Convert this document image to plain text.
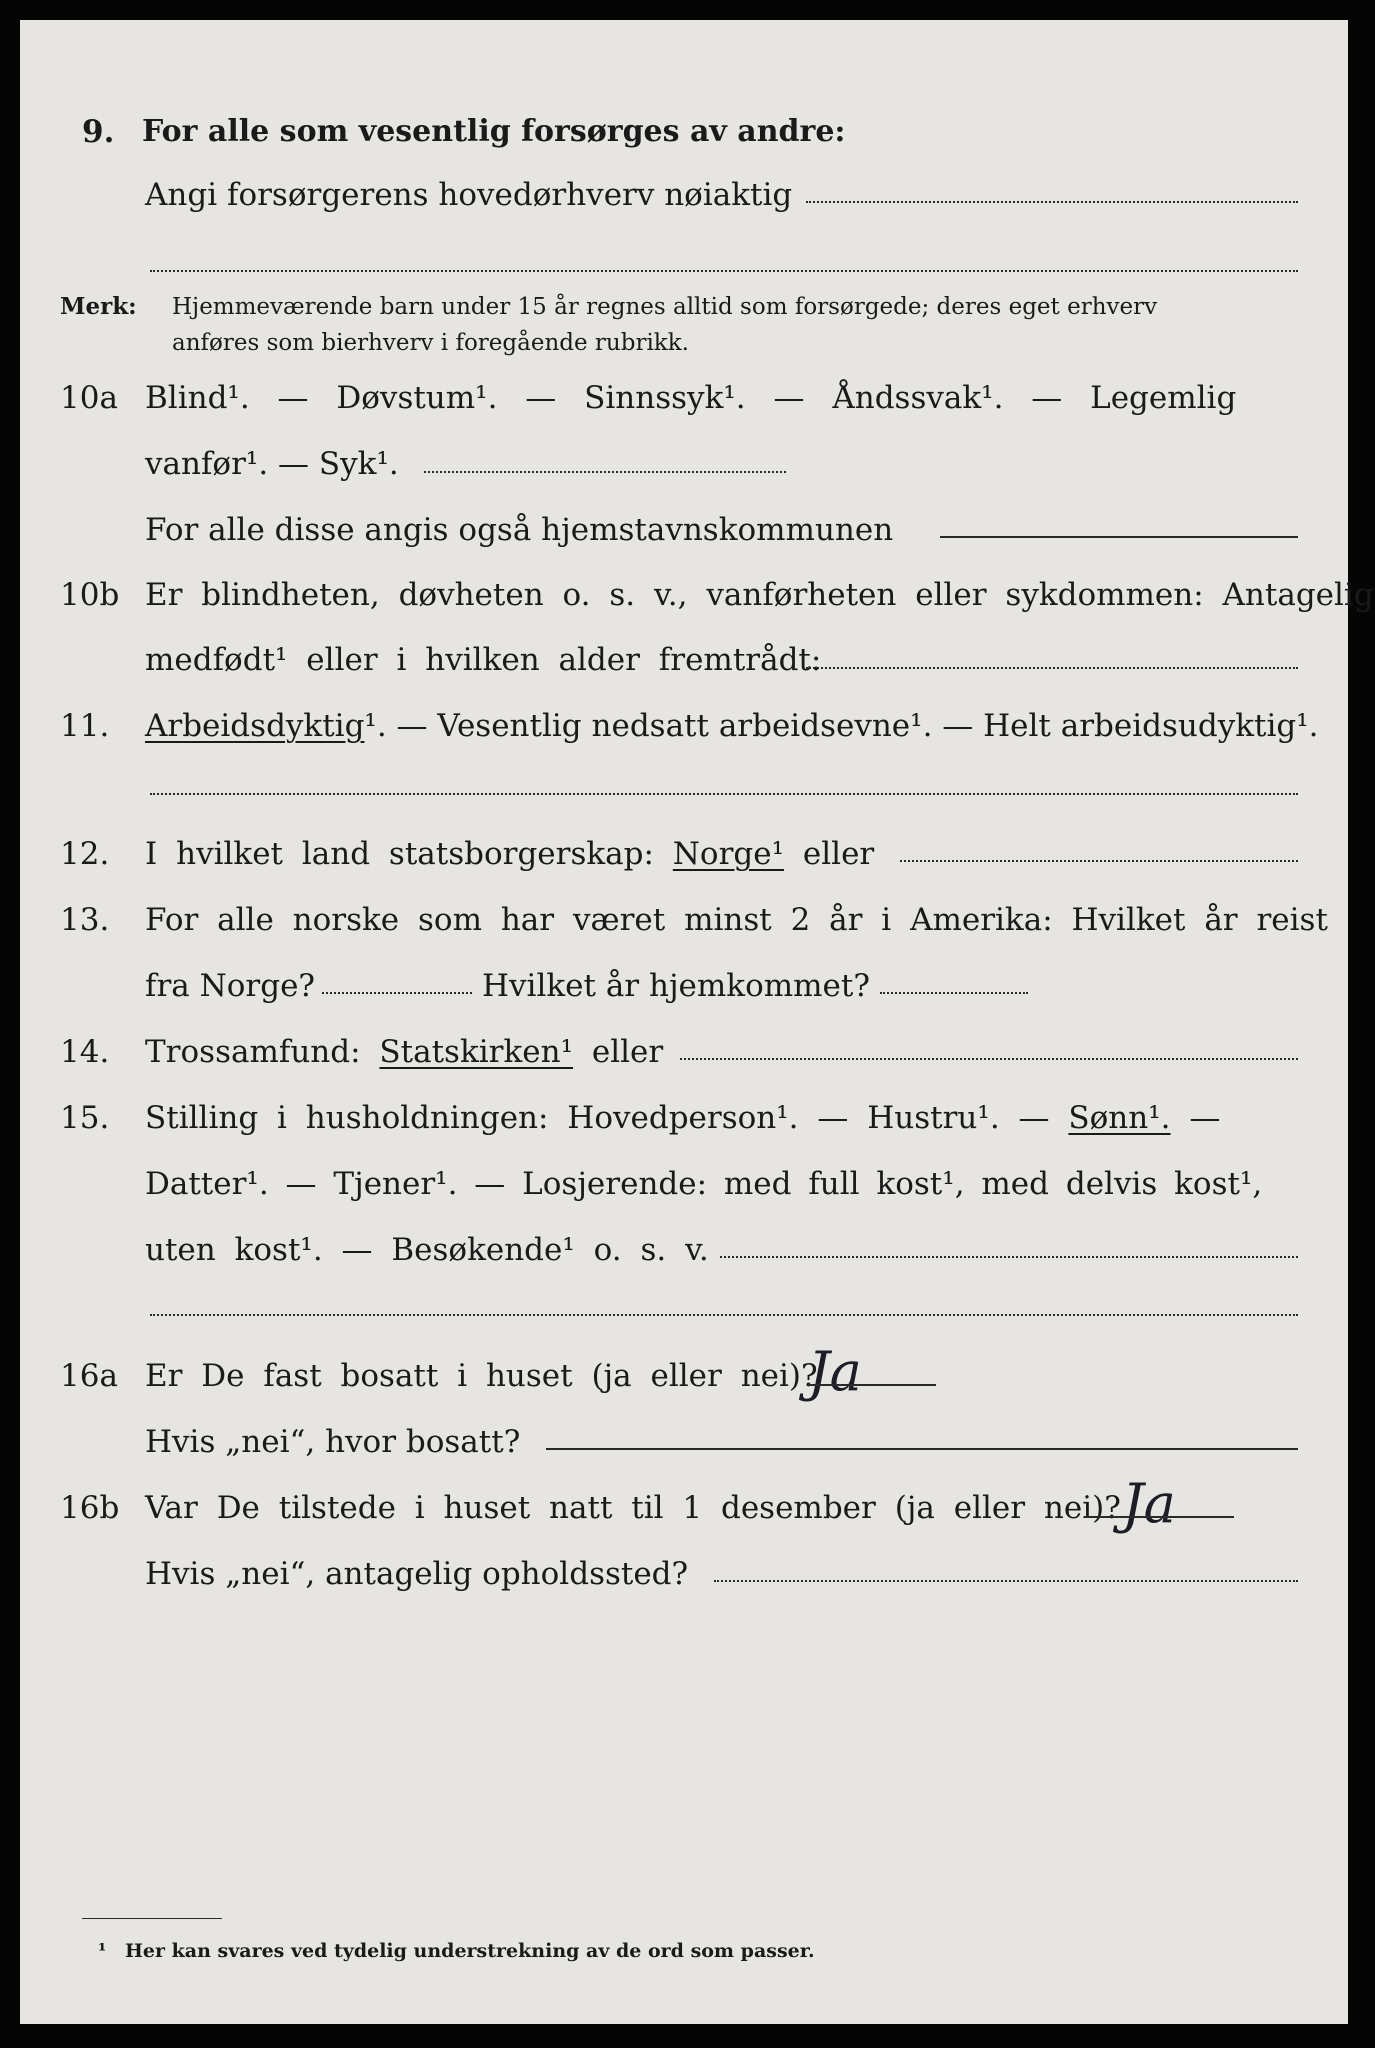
9. For alle som vesentlig forsørges av andre:
Angi forsørgerens hovedørhverv nøiaktig
Merk: Hjemmeværende barn under 15 år regnes alltid som forsørgede; deres eget erhverv
anføres som bierhverv i foregående rubrikk.
10a Blind¹. — Døvstum¹. — Sinnssyk¹. — Åndssvak¹. — Legemlig
vanfør¹. — Syk¹.
For alle disse angis også hjemstavnskommunen
10b Er blindheten, døvheten o. s. v., vanførheten eller sykdommen: Antagelig
medfødt¹ eller i hvilken alder fremtrådt:
11. Arbeidsdyktig¹. — Vesentlig nedsatt arbeidsevne¹. — Helt arbeidsudyktig¹.
12. I hvilket land statsborgerskap: Norge¹ eller
13. For alle norske som har været minst 2 år i Amerika: Hvilket år reist
fra Norge?	Hvilket år hjemkommet?
14. Trossamfund: Statskirken¹ eller
15. Stilling i husholdningen: Hovedperson¹. — Hustru¹. — Sønn¹. —
Datter¹. — Tjener¹. — Losjerende: med full kost¹, med delvis kost¹,
uten kost¹. — Besøkende¹ o. s. v.
16a Er De fast bosatt i huset (ja eller nei)?
Ja
Hvis „nei“, hvor bosatt?
16b Var De tilstede i huset natt til 1 desember (ja eller nei)? Ja
Hvis „nei“, antagelig opholdssted?
¹ Her kan svares ved tydelig understrekning av de ord som passer.
